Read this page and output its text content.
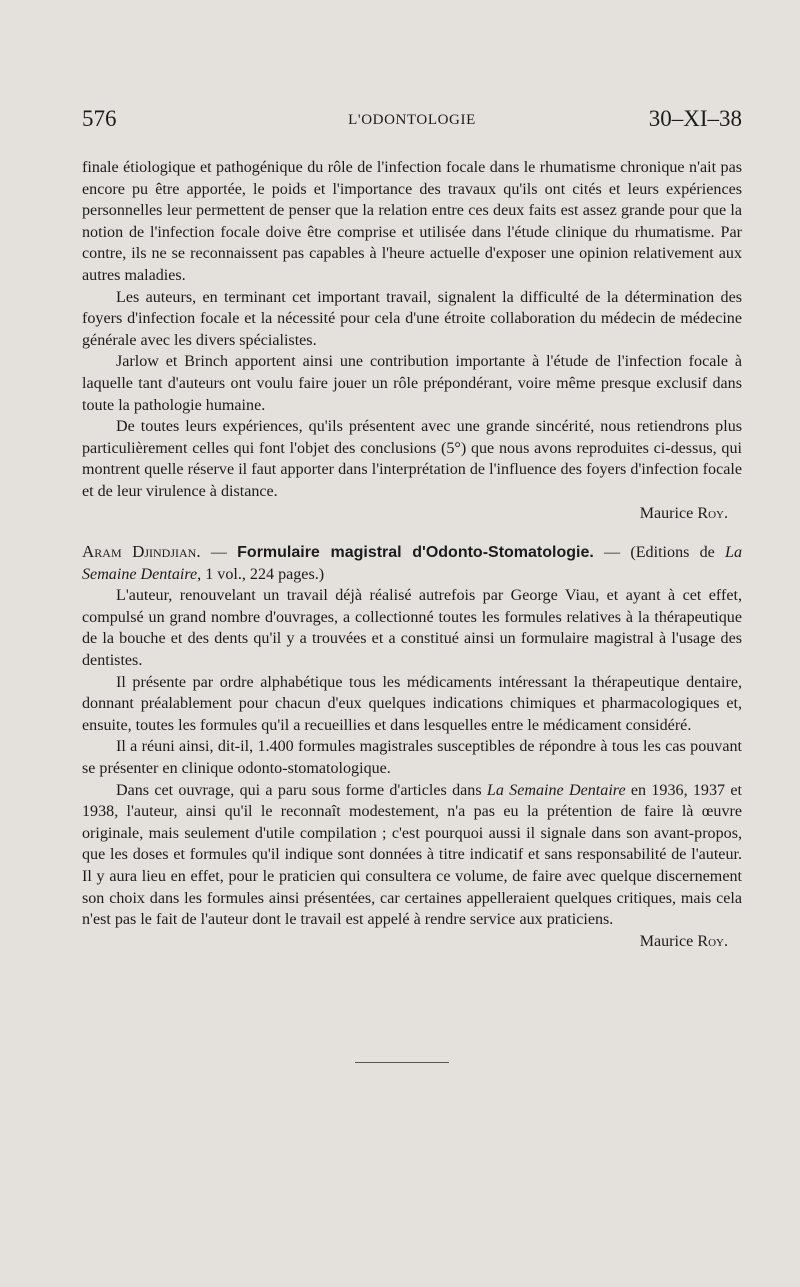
576	L'ODONTOLOGIE	30–XI–38

finale étiologique et pathogénique du rôle de l'infection focale dans le rhumatisme chronique n'ait pas encore pu être apportée, le poids et l'importance des travaux qu'ils ont cités et leurs expériences personnelles leur permettent de penser que la relation entre ces deux faits est assez grande pour que la notion de l'infection focale doive être comprise et utilisée dans l'étude clinique du rhumatisme. Par contre, ils ne se reconnaissent pas capables à l'heure actuelle d'exposer une opinion relativement aux autres maladies.

Les auteurs, en terminant cet important travail, signalent la difficulté de la détermination des foyers d'infection focale et la nécessité pour cela d'une étroite collaboration du médecin de médecine générale avec les divers spécialistes.

Jarlow et Brinch apportent ainsi une contribution importante à l'étude de l'infection focale à laquelle tant d'auteurs ont voulu faire jouer un rôle prépondérant, voire même presque exclusif dans toute la pathologie humaine.

De toutes leurs expériences, qu'ils présentent avec une grande sincérité, nous retiendrons plus particulièrement celles qui font l'objet des conclusions (5°) que nous avons reproduites ci-dessus, qui montrent quelle réserve il faut apporter dans l'interprétation de l'influence des foyers d'infection focale et de leur virulence à distance.

Maurice Roy.

Aram Djindjian. — Formulaire magistral d'Odonto-Stomatologie. — (Editions de La Semaine Dentaire, 1 vol., 224 pages.)

L'auteur, renouvelant un travail déjà réalisé autrefois par George Viau, et ayant à cet effet, compulsé un grand nombre d'ouvrages, a collectionné toutes les formules relatives à la thérapeutique de la bouche et des dents qu'il y a trouvées et a constitué ainsi un formulaire magistral à l'usage des dentistes.

Il présente par ordre alphabétique tous les médicaments intéressant la thérapeutique dentaire, donnant préalablement pour chacun d'eux quelques indications chimiques et pharmacologiques et, ensuite, toutes les formules qu'il a recueillies et dans lesquelles entre le médicament considéré.

Il a réuni ainsi, dit-il, 1.400 formules magistrales susceptibles de répondre à tous les cas pouvant se présenter en clinique odonto-stomatologique.

Dans cet ouvrage, qui a paru sous forme d'articles dans La Semaine Dentaire en 1936, 1937 et 1938, l'auteur, ainsi qu'il le reconnaît modestement, n'a pas eu la prétention de faire là œuvre originale, mais seulement d'utile compilation ; c'est pourquoi aussi il signale dans son avant-propos, que les doses et formules qu'il indique sont données à titre indicatif et sans responsabilité de l'auteur. Il y aura lieu en effet, pour le praticien qui consultera ce volume, de faire avec quelque discernement son choix dans les formules ainsi présentées, car certaines appelleraient quelques critiques, mais cela n'est pas le fait de l'auteur dont le travail est appelé à rendre service aux praticiens.

Maurice Roy.
